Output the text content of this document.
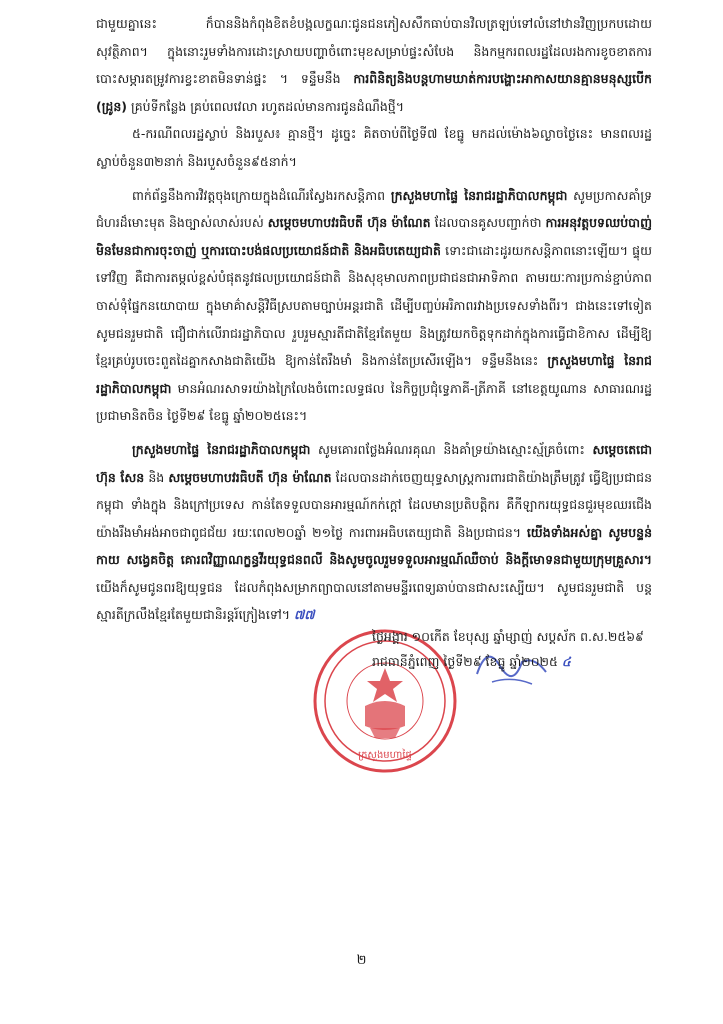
ជាមួយគ្នានេះ ក៏បាននិងកំពុងខិតខំបង្កលក្ខណៈជូនជនភៀសសឹកធាប់បានវិលត្រឡប់ទៅលំនៅឋានវិញប្រកបដោយសុវត្ថិភាព។ ក្នុងនោះរួមទាំងការដោះស្រាយបញ្ហាចំពោះមុខសម្រាប់ផ្ទះសំបែង និងកម្មករពលរដ្ឋដែលរងការខូចខាតការបោះសម្ភារតម្រូវការខ្វះខាតមិនទាន់ផ្ទះ ។ ទន្ទឹមនឹង ការពិនិត្យនិងបន្តហាមឃាត់ការបង្ហោះអាកាសយានគ្មានមនុស្សបើក (ដ្រូន) គ្រប់ទីកន្លែង គ្រប់ពេលវេលា រហូតដល់មានការជូនដំណឹងថ្មី។

៥-ករណីពលរដ្ឋស្លាប់ និងរបួស៖ គ្មានថ្មី។ ដូច្នេះ គិតចាប់ពីថ្ងៃទី៧ ខែធ្នូ មកដល់ម៉ោង៦ល្ងាចថ្ងៃនេះ មានពលរដ្ឋស្លាប់ចំនួន៣២នាក់ និងរបួសចំនួន៩៥នាក់។

ពាក់ព័ន្ធនឹងការវិវត្តចុងក្រោយក្នុងដំណើរស្វែងរកសន្តិភាព ក្រសួងមហាផ្ទៃ នៃរាជរដ្ឋាភិបាលកម្ពុជា សូមប្រកាសគាំទ្រជំហរដ៏មោះមុត និងច្បាស់លាស់របស់ សម្តេចមហាបវរធិបតី ហ៊ុន ម៉ាណែត ដែលបានគូសបញ្ជាក់ថា ការអនុវត្តបទឈប់បាញ់ មិនមែនជាការចុះចាញ់ ឬការបោះបង់ផលប្រយោជន៍ជាតិ និងអធិបតេយ្យជាតិ ទោះជាដោះដូរយកសន្តិភាពនោះឡើយ។ ផ្ទុយទៅវិញ គឺជាការតម្កល់ខ្ពស់បំផុតនូវផលប្រយោជន៍ជាតិ និងសុខុមាលភាពប្រជាជនជាអាទិភាព តាមរយៈការប្រកាន់ខ្ជាប់ភាពចាស់ទុំផ្នែកនយោបាយ ក្នុងមាគ៌ាសន្តិវិធីស្របតាមច្បាប់អន្តរជាតិ ដើម្បីបញ្ចប់អរិភាពរវាងប្រទេសទាំងពីរ។ ជាងនេះទៅទៀត សូមជនរួមជាតិ ជឿជាក់លើរាជរដ្ឋាភិបាល រួបរួមស្មារតីជាតិខ្មែរតែមួយ និងត្រូវយកចិត្តទុកដាក់ក្នុងការធ្វើជាខិកាស ដើម្បីឱ្យខ្មែរគ្រប់រូបចេះពួតដៃគ្នាកសាងជាតិយើង ឱ្យកាន់តែរឹងមាំ និងកាន់តែប្រសើរឡើង។ ទន្ទឹមនឹងនេះ ក្រសួងមហាផ្ទៃ នៃរាជរដ្ឋាភិបាលកម្ពុជា មានអំណរសាទរយ៉ាងក្រៃលែងចំពោះលទ្ធផល នៃកិច្ចប្រជុំទ្វេភាគី-ត្រីភាគី នៅខេត្តយូណាន សាធារណរដ្ឋប្រជាមានិតចិន ថ្ងៃទី២៩ ខែធ្នូ ឆ្នាំ២០២៥នេះ។

ក្រសួងមហាផ្ទៃ នៃរាជរដ្ឋាភិបាលកម្ពុជា សូមគោរពថ្លែងអំណរគុណ និងគាំទ្រយ៉ាងស្មោះស្ម័គ្រចំពោះ សម្តេចតេជោ ហ៊ុន សែន និង សម្តេចមហាបវរធិបតី ហ៊ុន ម៉ាណែត ដែលបានដាក់ចេញយុទ្ធសាស្ត្រការពារជាតិយ៉ាងត្រឹមត្រូវ ធ្វើឱ្យប្រជាជនកម្ពុជា ទាំងក្នុង និងក្រៅប្រទេស កាន់តែទទួលបានអារម្មណ៍កក់ក្តៅ ដែលមានប្រតិបត្តិករ គឺកីឡាករយុទ្ធជនជួរមុខឈរជើងយ៉ាងរឹងមាំអង់អាចជាពូជជ័យ រយៈពេល២០ឆ្នាំ ២១ថ្ងៃ ការពារអធិបតេយ្យជាតិ និងប្រជាជន។ យើងទាំងអស់គ្នា សូមបន្ទន់កាយ សង្វេគចិត្ត គោរពវិញ្ញាណក្ខន្ធវីរយុទ្ធជនពលី និងសូមចូលរួមទទួលអារម្មណ៍ឈឺចាប់ និងក្តីមោទនជាមួយក្រុមគ្រួសារ។ យើងក៏សូមជូនពរឱ្យយុទ្ធជន ដែលកំពុងសម្រាកព្យាបាលនៅតាមមន្ទីរពេទ្យឆាប់បានជាសះស្បើយ។ សូមជនរួមជាតិ បន្តស្មារតីក្រលឹងខ្មែរតែមួយជានិរន្តរ៍ក្រៀងទៅ។ ៧៧

ក្រសួងមហាផ្ទៃ

ថ្ងៃអង្គារ ១០កើត ខែបុស្ស ឆ្នាំម្សាញ់ សប្តស័ក ព.ស.២៥៦៩

រាជធានីភ្នំពេញ ថ្ងៃទី២៩ ខែធ្នូ ឆ្នាំ២០២៥ ៤

២
